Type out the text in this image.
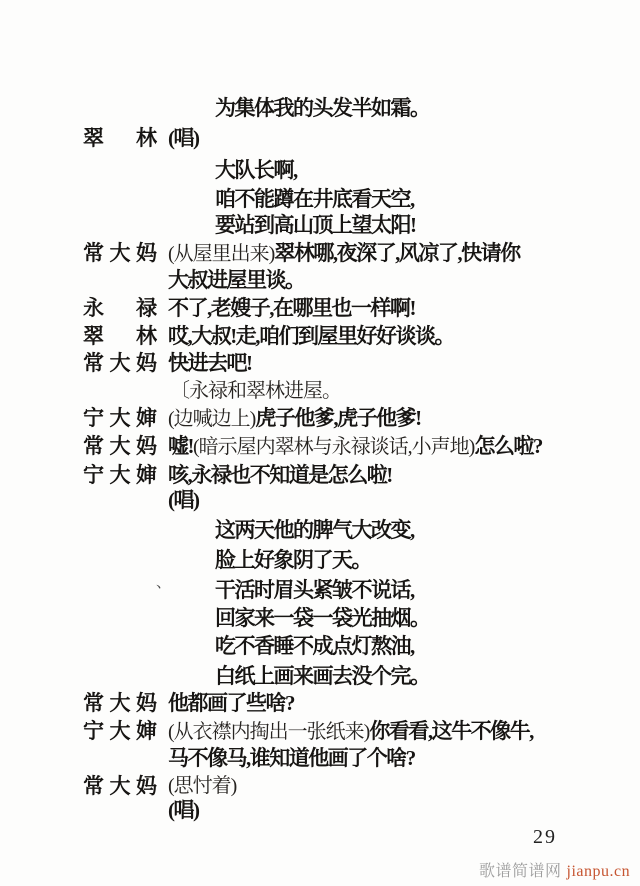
为集体我的头发半如霜。
翠 林 (唱)
大队长啊,
咱不能蹲在井底看天空,
要站到高山顶上望太阳!
常大妈 (从屋里出来)翠林哪,夜深了,风凉了,快请你
大叔进屋里谈。
永 禄 不了,老嫂子,在哪里也一样啊!
翠 林 哎,大叔!走,咱们到屋里好好谈谈。
常大妈 快进去吧!
〔永禄和翠林进屋。
宁大婶 (边喊边上)虎子他爹,虎子他爹!
常大妈 嘘!(暗示屋内翠林与永禄谈话,小声地)怎么啦?
宁大婶 咳,永禄也不知道是怎么啦!
(唱)
这两天他的脾气大改变,
脸上好象阴了天。
干活时眉头紧皱不说话,
回家来一袋一袋光抽烟。
吃不香睡不成点灯熬油,
白纸上画来画去没个完。
常大妈 他都画了些啥?
宁大婶 (从衣襟内掏出一张纸来)你看看,这牛不像牛,
马不像马,谁知道他画了个啥?
常大妈 (思忖着)
(唱)
、
29
歌谱简谱网 jianpu.cn
